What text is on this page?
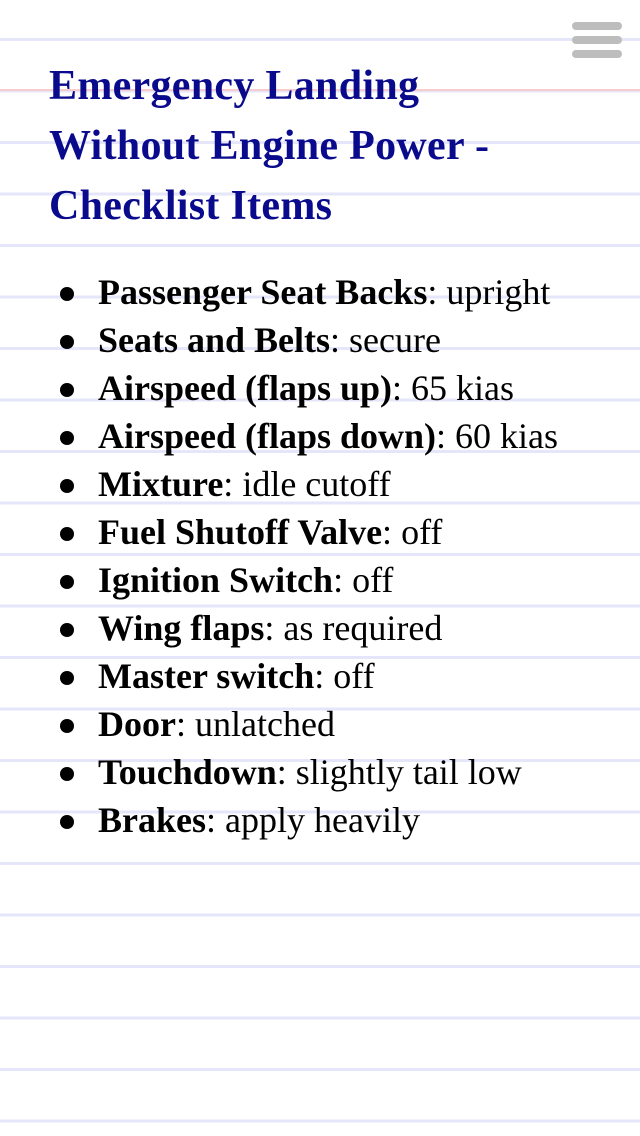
Emergency Landing Without Engine Power - Checklist Items
Passenger Seat Backs: upright
Seats and Belts: secure
Airspeed (flaps up): 65 kias
Airspeed (flaps down): 60 kias
Mixture: idle cutoff
Fuel Shutoff Valve: off
Ignition Switch: off
Wing flaps: as required
Master switch: off
Door: unlatched
Touchdown: slightly tail low
Brakes: apply heavily
